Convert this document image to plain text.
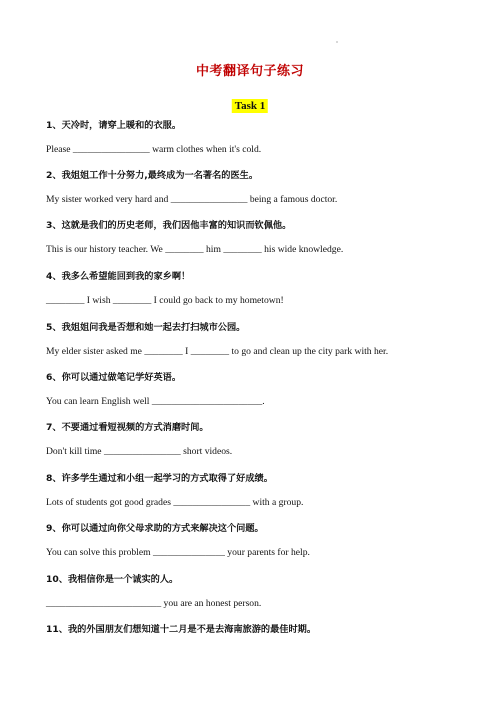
中考翻译句子练习
Task 1
1、天冷时，请穿上暖和的衣服。
Please ________________ warm clothes when it's cold.
2、我姐姐工作十分努力,最终成为一名著名的医生。
My sister worked very hard and ________________ being a famous doctor.
3、这就是我们的历史老师，我们因他丰富的知识而钦佩他。
This is our history teacher. We ________ him ________ his wide knowledge.
4、我多么希望能回到我的家乡啊！
________ I wish ________ I could go back to my hometown!
5、我姐姐问我是否想和她一起去打扫城市公园。
My elder sister asked me ________ I ________ to go and clean up the city park with her.
6、你可以通过做笔记学好英语。
You can learn English well _______________________.
7、不要通过看短视频的方式消磨时间。
Don't kill time ________________ short videos.
8、许多学生通过和小组一起学习的方式取得了好成绩。
Lots of students got good grades ________________ with a group.
9、你可以通过向你父母求助的方式来解决这个问题。
You can solve this problem _______________ your parents for help.
10、我相信你是一个诚实的人。
________________________ you are an honest person.
11、我的外国朋友们想知道十二月是不是去海南旅游的最佳时期。
